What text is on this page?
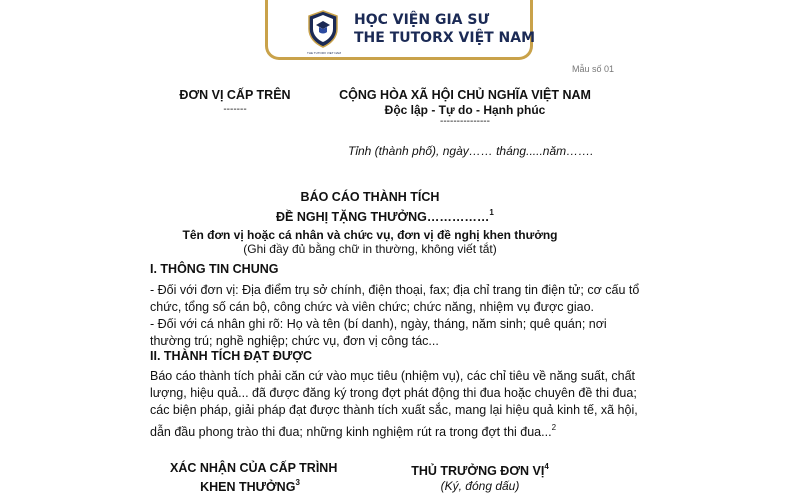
THE TUTORX VIET NAM
HỌC VIỆN GIA SƯ
THE TUTORX VIỆT NAM
Mẫu số 01
ĐƠN VỊ CẤP TRÊN
-------
CỘNG HÒA XÃ HỘI CHỦ NGHĨA VIỆT NAM
Độc lập - Tự do - Hạnh phúc
---------------
Tỉnh (thành phố), ngày…… tháng.....năm…….
BÁO CÁO THÀNH TÍCH
ĐỀ NGHỊ TẶNG THƯỞNG……………$^1$
Tên đơn vị hoặc cá nhân và chức vụ, đơn vị đề nghị khen thưởng
(Ghi đầy đủ bằng chữ in thường, không viết tắt)
I. THÔNG TIN CHUNG
- Đối với đơn vị: Địa điểm trụ sở chính, điện thoại, fax; địa chỉ trang tin điện tử; cơ cấu tổ
chức, tổng số cán bộ, công chức và viên chức; chức năng, nhiệm vụ được giao.
- Đối với cá nhân ghi rõ: Họ và tên (bí danh), ngày, tháng, năm sinh; quê quán; nơi
thường trú; nghề nghiệp; chức vụ, đơn vị công tác...
II. THÀNH TÍCH ĐẠT ĐƯỢC
Báo cáo thành tích phải căn cứ vào mục tiêu (nhiệm vụ), các chỉ tiêu về năng suất, chất
lượng, hiệu quả... đã được đăng ký trong đợt phát động thi đua hoặc chuyên đề thi đua;
các biện pháp, giải pháp đạt được thành tích xuất sắc, mang lại hiệu quả kinh tế, xã hội,
dẫn đầu phong trào thi đua; những kinh nghiệm rút ra trong đợt thi đua...$^2$
XÁC NHẬN CỦA CẤP TRÌNH
KHEN THƯỞNG$^3$
THỦ TRƯỞNG ĐƠN VỊ$^4$
(Ký, đóng dấu)
